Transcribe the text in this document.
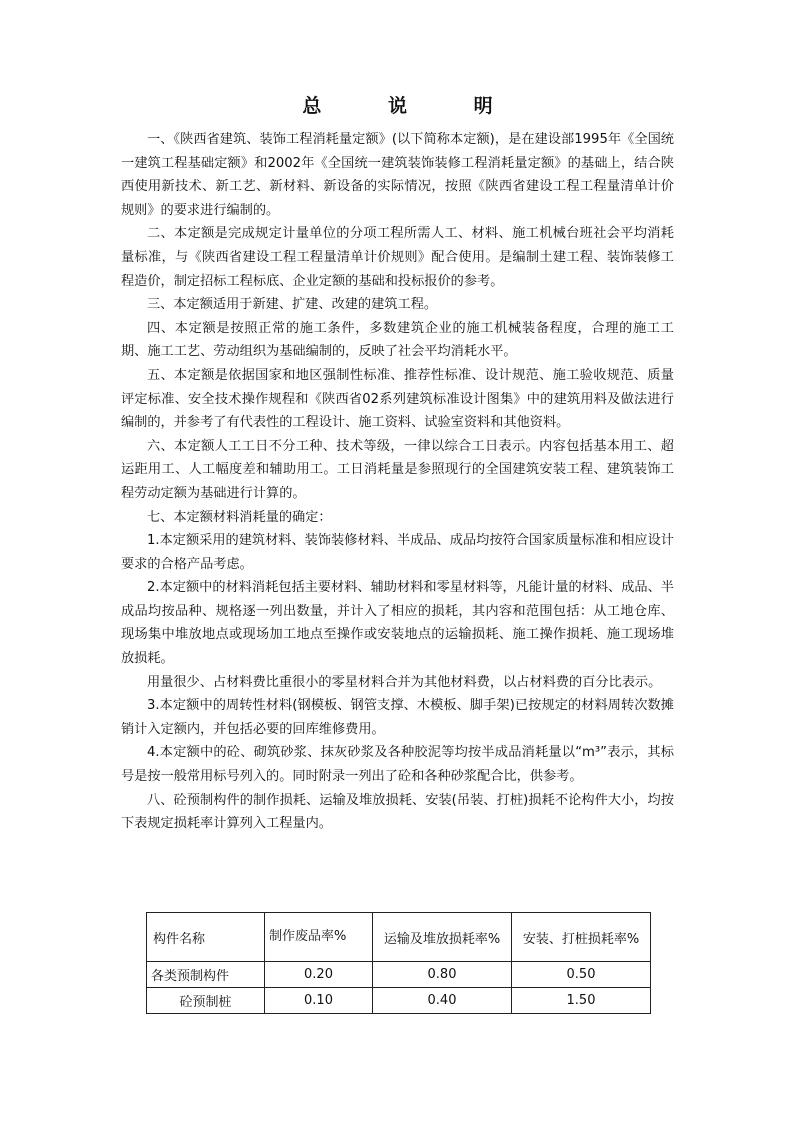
总 说 明

一、《陕西省建筑、装饰工程消耗量定额》(以下简称本定额)，是在建设部1995年《全国统一建筑工程基础定额》和2002年《全国统一建筑装饰装修工程消耗量定额》的基础上，结合陕西使用新技术、新工艺、新材料、新设备的实际情况，按照《陕西省建设工程工程量清单计价规则》的要求进行编制的。

二、本定额是完成规定计量单位的分项工程所需人工、材料、施工机械台班社会平均消耗量标准，与《陕西省建设工程工程量清单计价规则》配合使用。是编制土建工程、装饰装修工程造价，制定招标工程标底、企业定额的基础和投标报价的参考。

三、本定额适用于新建、扩建、改建的建筑工程。

四、本定额是按照正常的施工条件，多数建筑企业的施工机械装备程度，合理的施工工期、施工工艺、劳动组织为基础编制的，反映了社会平均消耗水平。

五、本定额是依据国家和地区强制性标准、推荐性标准、设计规范、施工验收规范、质量评定标准、安全技术操作规程和《陕西省02系列建筑标准设计图集》中的建筑用料及做法进行编制的，并参考了有代表性的工程设计、施工资料、试验室资料和其他资料。

六、本定额人工工日不分工种、技术等级，一律以综合工日表示。内容包括基本用工、超运距用工、人工幅度差和辅助用工。工日消耗量是参照现行的全国建筑安装工程、建筑装饰工程劳动定额为基础进行计算的。

七、本定额材料消耗量的确定：

1.本定额采用的建筑材料、装饰装修材料、半成品、成品均按符合国家质量标准和相应设计要求的合格产品考虑。

2.本定额中的材料消耗包括主要材料、辅助材料和零星材料等，凡能计量的材料、成品、半成品均按品种、规格逐一列出数量，并计入了相应的损耗，其内容和范围包括：从工地仓库、现场集中堆放地点或现场加工地点至操作或安装地点的运输损耗、施工操作损耗、施工现场堆放损耗。

用量很少、占材料费比重很小的零星材料合并为其他材料费，以占材料费的百分比表示。

3.本定额中的周转性材料(钢模板、钢管支撑、木模板、脚手架)已按规定的材料周转次数摊销计入定额内，并包括必要的回库维修费用。

4.本定额中的砼、砌筑砂浆、抹灰砂浆及各种胶泥等均按半成品消耗量以“m³”表示，其标号是按一般常用标号列入的。同时附录一列出了砼和各种砂浆配合比，供参考。

八、砼预制构件的制作损耗、运输及堆放损耗、安装(吊装、打桩)损耗不论构件大小，均按下表规定损耗率计算列入工程量内。

构件名称	制作废品率%	运输及堆放损耗率%	安装、打桩损耗率%
各类预制构件	0.20	0.80	0.50
砼预制桩	0.10	0.40	1.50
